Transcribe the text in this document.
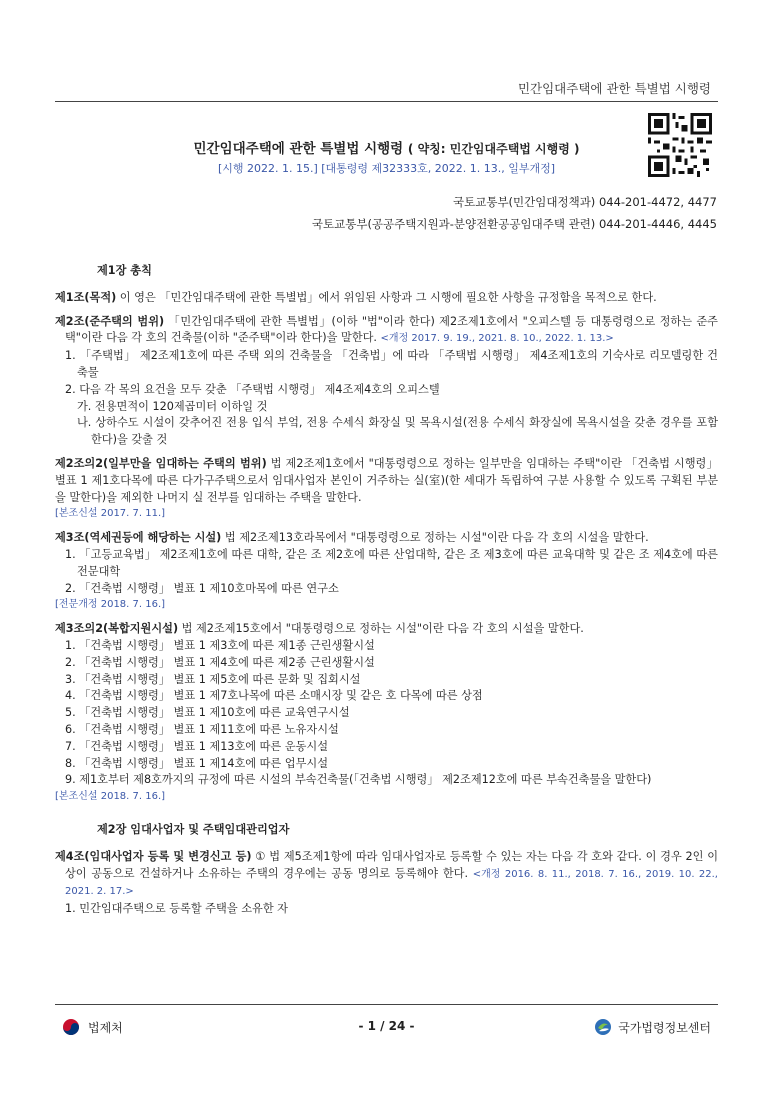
민간임대주택에 관한 특별법 시행령
민간임대주택에 관한 특별법 시행령 ( 약칭: 민간임대주택법 시행령 )
[시행 2022. 1. 15.] [대통령령 제32333호, 2022. 1. 13., 일부개정]
국토교통부(민간임대정책과) 044-201-4472, 4477
국토교통부(공공주택지원과-분양전환공공임대주택 관련) 044-201-4446, 4445

제1장 총칙

제1조(목적) 이 영은 「민간임대주택에 관한 특별법」에서 위임된 사항과 그 시행에 필요한 사항을 규정함을 목적으로 한다.
제2조(준주택의 범위) 「민간임대주택에 관한 특별법」(이하 "법"이라 한다) 제2조제1호에서 "오피스텔 등 대통령령으로 정하는 준주택"이란 다음 각 호의 건축물(이하 "준주택"이라 한다)을 말한다. <개정 2017. 9. 19., 2021. 8. 10., 2022. 1. 13.>

1. 「주택법」 제2조제1호에 따른 주택 외의 건축물을 「건축법」에 따라 「주택법 시행령」 제4조제1호의 기숙사로 리모델링한 건축물

2. 다음 각 목의 요건을 모두 갖춘 「주택법 시행령」 제4조제4호의 오피스텔

가. 전용면적이 120제곱미터 이하일 것

나. 상하수도 시설이 갖추어진 전용 입식 부엌, 전용 수세식 화장실 및 목욕시설(전용 수세식 화장실에 목욕시설을 갖춘 경우를 포함한다)을 갖출 것

제2조의2(일부만을 임대하는 주택의 범위) 법 제2조제1호에서 "대통령령으로 정하는 일부만을 임대하는 주택"이란 「건축법 시행령」 별표 1 제1호다목에 따른 다가구주택으로서 임대사업자 본인이 거주하는 실(室)(한 세대가 독립하여 구분 사용할 수 있도록 구획된 부분을 말한다)을 제외한 나머지 실 전부를 임대하는 주택을 말한다.

[본조신설 2017. 7. 11.]

제3조(역세권등에 해당하는 시설) 법 제2조제13호라목에서 "대통령령으로 정하는 시설"이란 다음 각 호의 시설을 말한다.

1. 「고등교육법」 제2조제1호에 따른 대학, 같은 조 제2호에 따른 산업대학, 같은 조 제3호에 따른 교육대학 및 같은 조 제4호에 따른 전문대학

2. 「건축법 시행령」 별표 1 제10호마목에 따른 연구소

[전문개정 2018. 7. 16.]

제3조의2(복합지원시설) 법 제2조제15호에서 "대통령령으로 정하는 시설"이란 다음 각 호의 시설을 말한다.

1. 「건축법 시행령」 별표 1 제3호에 따른 제1종 근린생활시설

2. 「건축법 시행령」 별표 1 제4호에 따른 제2종 근린생활시설

3. 「건축법 시행령」 별표 1 제5호에 따른 문화 및 집회시설

4. 「건축법 시행령」 별표 1 제7호나목에 따른 소매시장 및 같은 호 다목에 따른 상점

5. 「건축법 시행령」 별표 1 제10호에 따른 교육연구시설

6. 「건축법 시행령」 별표 1 제11호에 따른 노유자시설

7. 「건축법 시행령」 별표 1 제13호에 따른 운동시설

8. 「건축법 시행령」 별표 1 제14호에 따른 업무시설

9. 제1호부터 제8호까지의 규정에 따른 시설의 부속건축물(「건축법 시행령」 제2조제12호에 따른 부속건축물을 말한다)

[본조신설 2018. 7. 16.]

제2장 임대사업자 및 주택임대관리업자

제4조(임대사업자 등록 및 변경신고 등) ① 법 제5조제1항에 따라 임대사업자로 등록할 수 있는 자는 다음 각 호와 같다. 이 경우 2인 이상이 공동으로 건설하거나 소유하는 주택의 경우에는 공동 명의로 등록해야 한다. <개정 2016. 8. 11., 2018. 7. 16., 2019. 10. 22., 2021. 2. 17.>

1. 민간임대주택으로 등록할 주택을 소유한 자

법제처	- 1 / 24 -	국가법령정보센터
